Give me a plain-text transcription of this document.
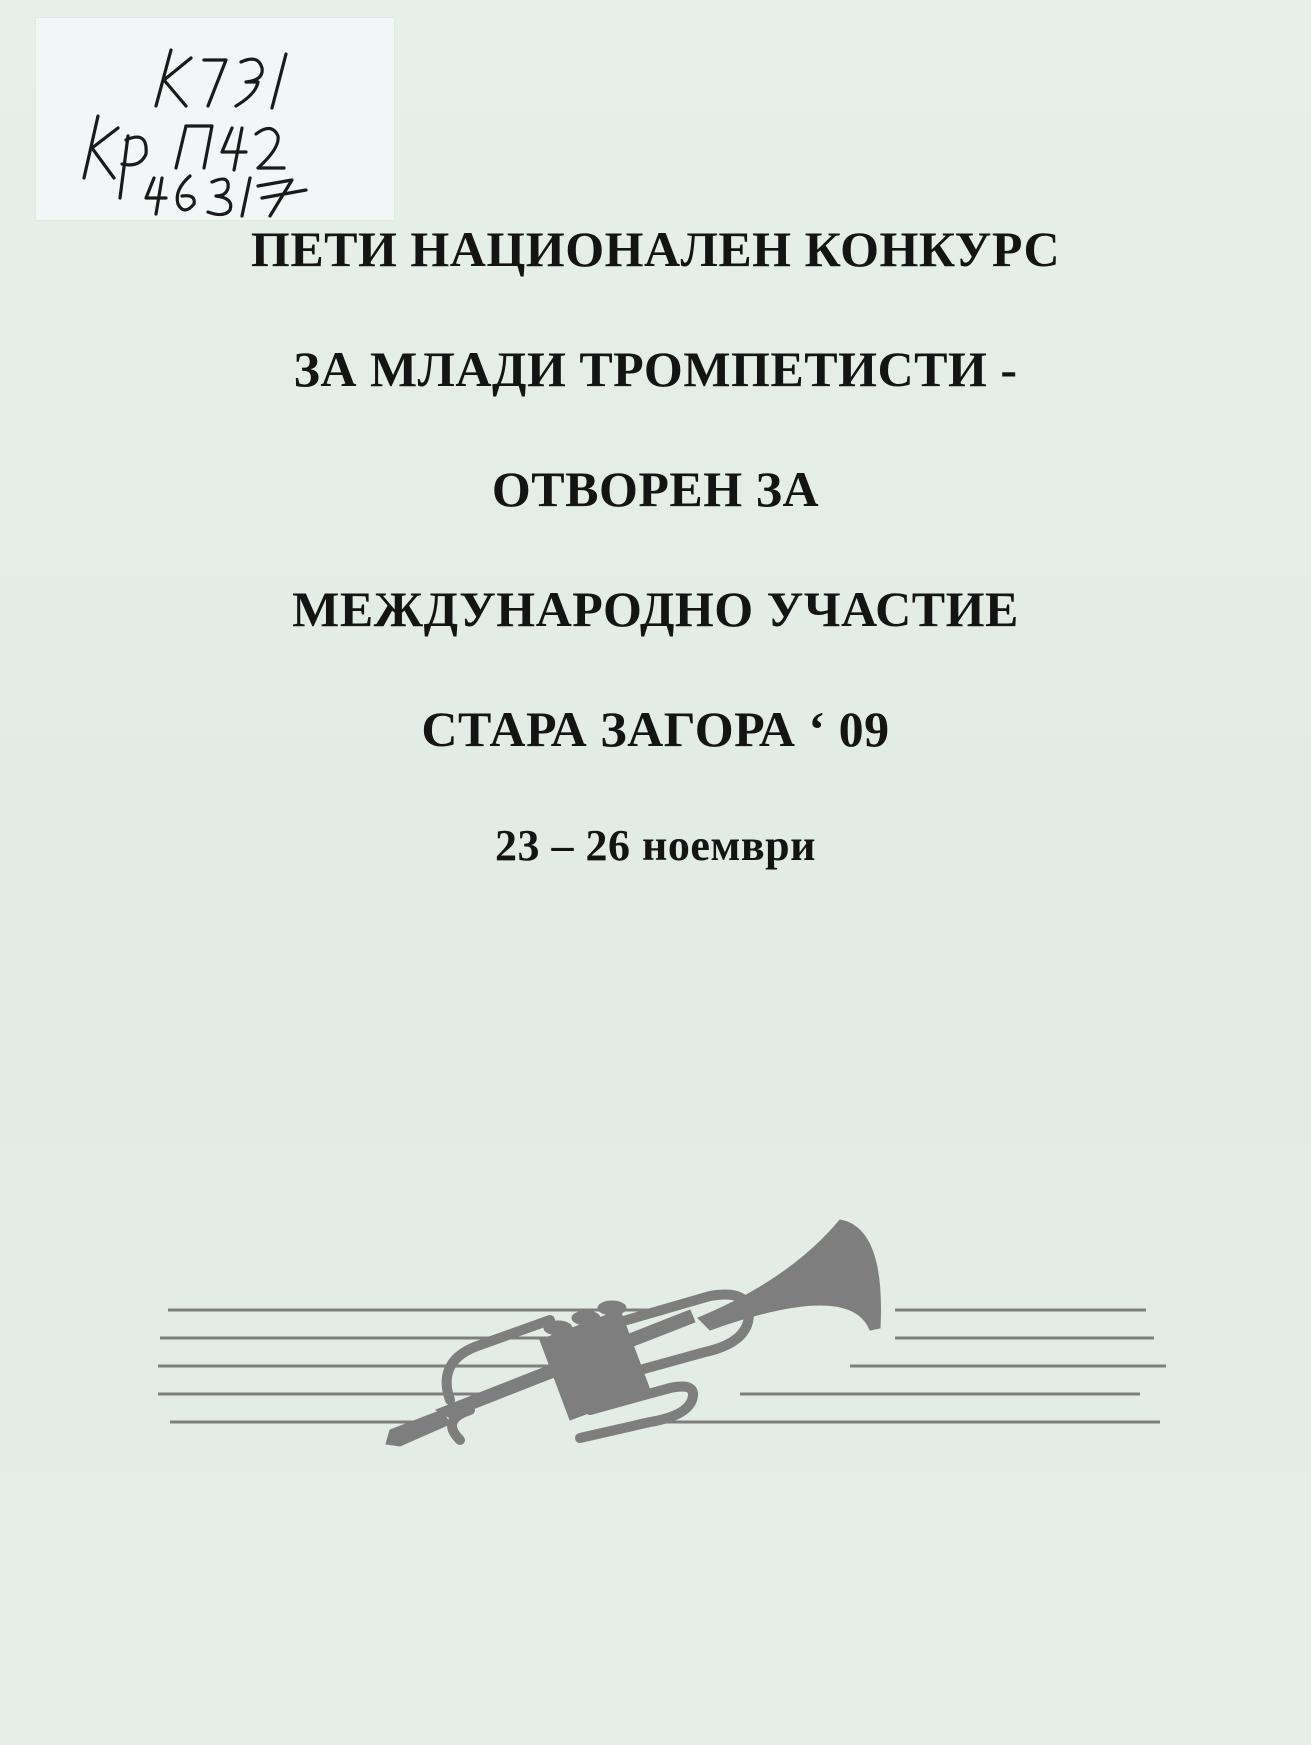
ПЕТИ НАЦИОНАЛЕН КОНКУРС
ЗА МЛАДИ ТРОМПЕТИСТИ -
ОТВОРЕН ЗА
МЕЖДУНАРОДНО УЧАСТИЕ
СТАРА ЗАГОРА ‘ 09
23 – 26 ноември
